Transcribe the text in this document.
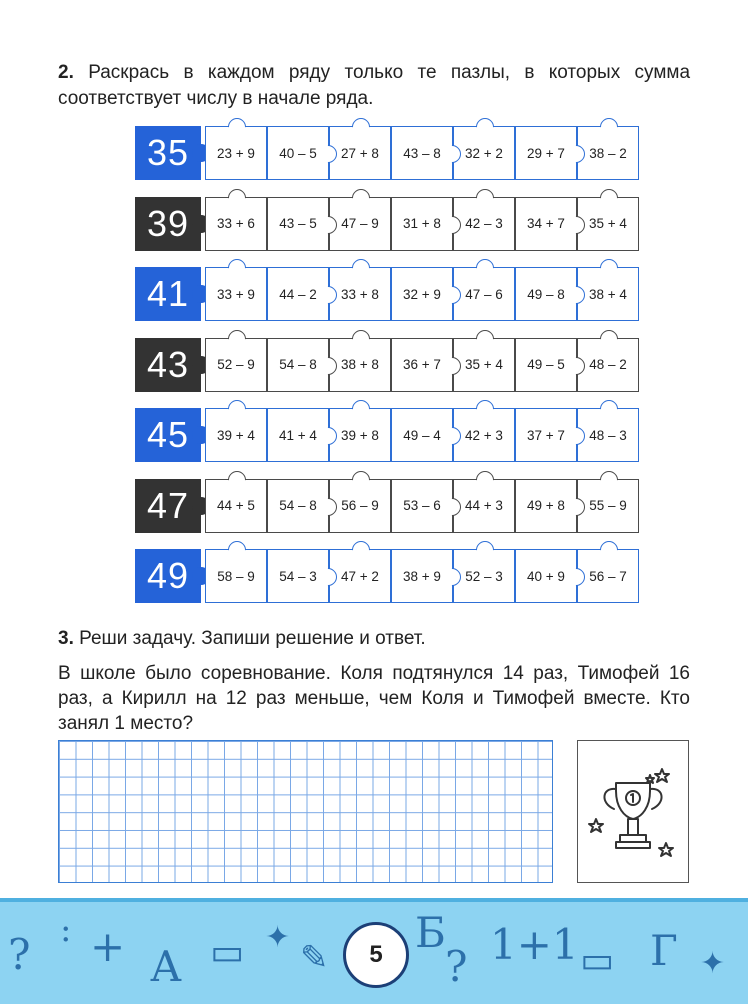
2. Раскрась в каждом ряду только те пазлы, в которых сумма соответствует числу в начале ряда.
35 23 + 9 40 – 5 27 + 8 43 – 8 32 + 2 29 + 7 38 – 2
39 33 + 6 43 – 5 47 – 9 31 + 8 42 – 3 34 + 7 35 + 4
41 33 + 9 44 – 2 33 + 8 32 + 9 47 – 6 49 – 8 38 + 4
43 52 – 9 54 – 8 38 + 8 36 + 7 35 + 4 49 – 5 48 – 2
45 39 + 4 41 + 4 39 + 8 49 – 4 42 + 3 37 + 7 48 – 3
47 44 + 5 54 – 8 56 – 9 53 – 6 44 + 3 49 + 8 55 – 9
49 58 – 9 54 – 3 47 + 2 38 + 9 52 – 3 40 + 9 56 – 7
3. Реши задачу. Запиши решение и ответ.
В школе было соревнование. Коля подтянулся 14 раз, Тимофей 16 раз, а Кирилл на 12 раз меньше, чем Коля и Тимофей вместе. Кто занял 1 место?
? : + А ▭ ✦
✎
Б
? 1+1 ▭ Г ✦
5
